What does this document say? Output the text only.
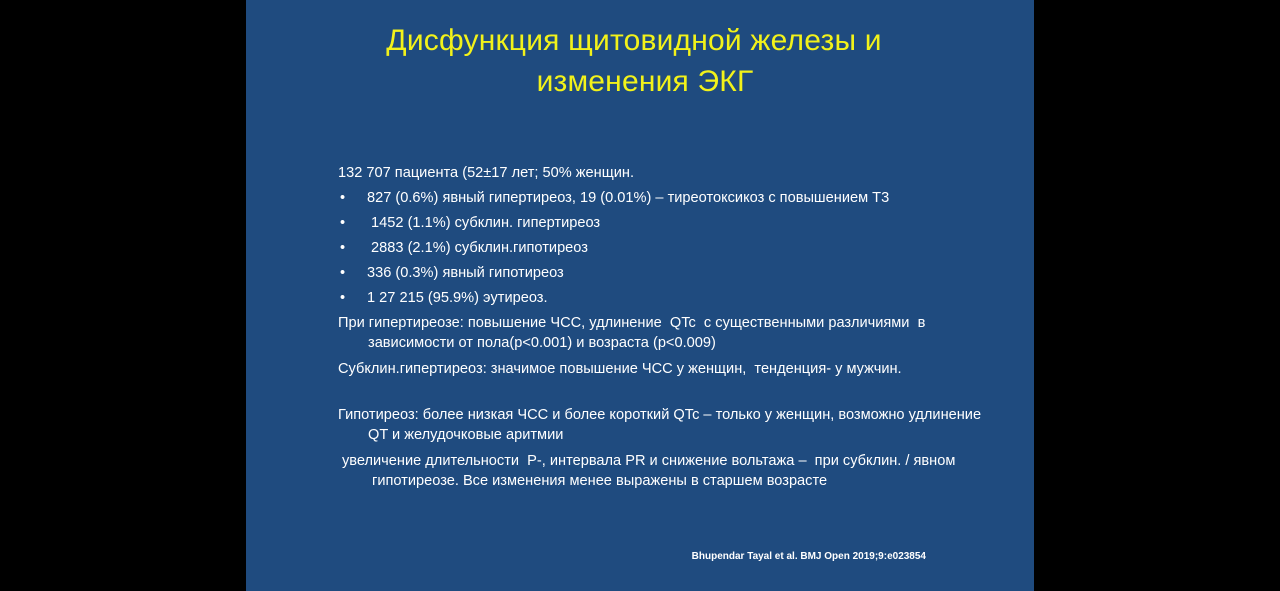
Дисфункция щитовидной железы и
изменения ЭКГ

132 707 пациента (52±17 лет; 50% женщин.

• 827 (0.6%) явный гипертиреоз, 19 (0.01%) – тиреотоксикоз с повышением Т3
• 1452 (1.1%) субклин. гипертиреоз
• 2883 (2.1%) субклин.гипотиреоз
• 336 (0.3%) явный гипотиреоз
• 1 27 215 (95.9%) эутиреоз.

При гипертиреозе: повышение ЧСС, удлинение  QTc  с существенными различиями  в зависимости от пола(p<0.001) и возраста (p<0.009)

Субклин.гипертиреоз: значимое повышение ЧСС у женщин,  тенденция- у мужчин.

Гипотиреоз: более низкая ЧСС и более короткий QTc – только у женщин, возможно удлинение QT и желудочковые аритмии

увеличение длительности  P-, интервала PR и снижение вольтажа –  при субклин. / явном гипотиреозе. Все изменения менее выражены в старшем возрасте

Bhupendar Tayal et al. BMJ Open 2019;9:e023854
